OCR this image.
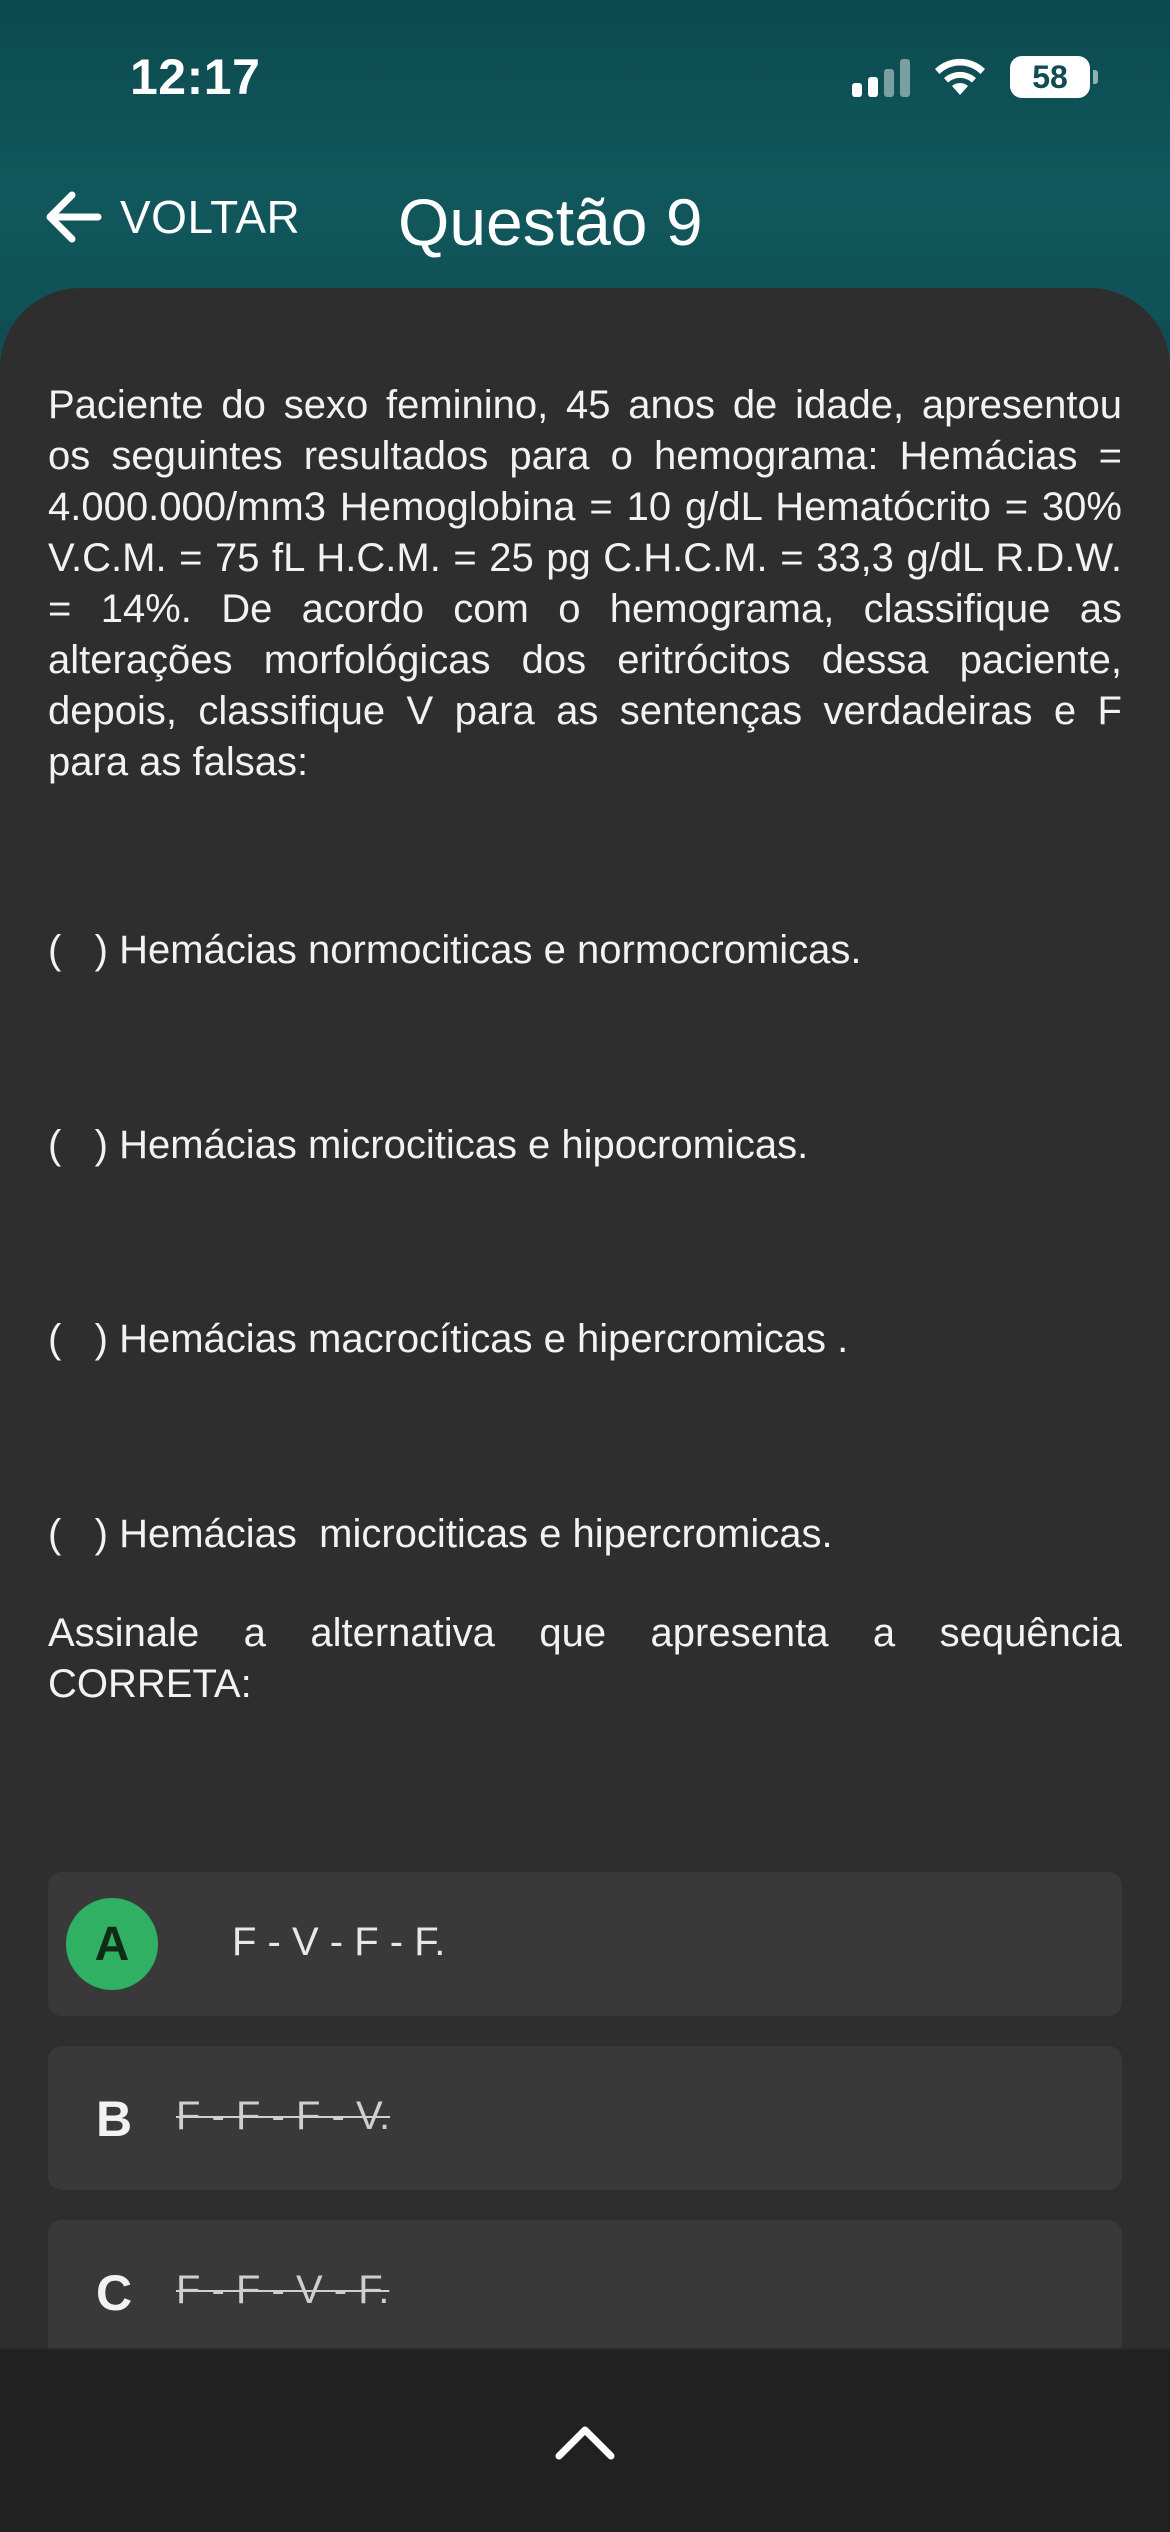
12:17	58
VOLTAR Questão 9
Paciente do sexo feminino, 45 anos de idade, apresentou os seguintes resultados para o hemograma: Hemácias = 4.000.000/mm3 Hemoglobina = 10 g/dL Hematócrito = 30% V.C.M. = 75 fL H.C.M. = 25 pg C.H.C.M. = 33,3 g/dL R.D.W. = 14%. De acordo com o hemograma, classifique as alterações morfológicas dos eritrócitos dessa paciente, depois, classifique V para as sentenças verdadeiras e F para as falsas:
(   ) Hemácias normociticas e normocromicas.
(   ) Hemácias microciticas e hipocromicas.
(   ) Hemácias macrocíticas e hipercromicas .
(   ) Hemácias  microciticas e hipercromicas.
Assinale a alternativa que apresenta a sequência CORRETA:
A	F - V - F - F.
B F - F - F - V.
C F - F - V - F.
